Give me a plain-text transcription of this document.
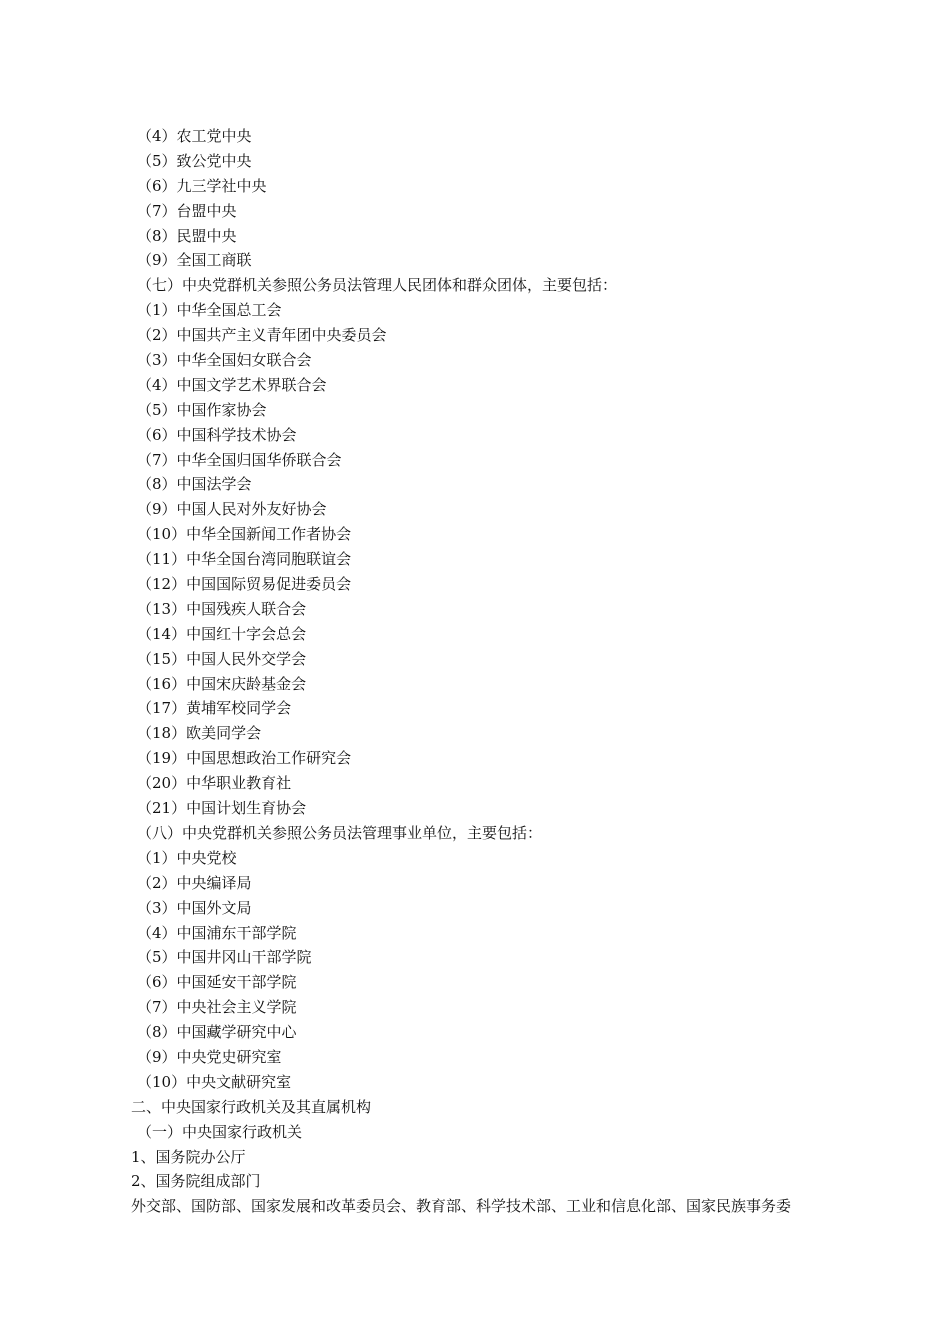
（4）农工党中央
（5）致公党中央
（6）九三学社中央
（7）台盟中央
（8）民盟中央
（9）全国工商联
（七）中央党群机关参照公务员法管理人民团体和群众团体，主要包括：
（1）中华全国总工会
（2）中国共产主义青年团中央委员会
（3）中华全国妇女联合会
（4）中国文学艺术界联合会
（5）中国作家协会
（6）中国科学技术协会
（7）中华全国归国华侨联合会
（8）中国法学会
（9）中国人民对外友好协会
（10）中华全国新闻工作者协会
（11）中华全国台湾同胞联谊会
（12）中国国际贸易促进委员会
（13）中国残疾人联合会
（14）中国红十字会总会
（15）中国人民外交学会
（16）中国宋庆龄基金会
（17）黄埔军校同学会
（18）欧美同学会
（19）中国思想政治工作研究会
（20）中华职业教育社
（21）中国计划生育协会
（八）中央党群机关参照公务员法管理事业单位，主要包括：
（1）中央党校
（2）中央编译局
（3）中国外文局
（4）中国浦东干部学院
（5）中国井冈山干部学院
（6）中国延安干部学院
（7）中央社会主义学院
（8）中国藏学研究中心
（9）中央党史研究室
（10）中央文献研究室
二、中央国家行政机关及其直属机构
（一）中央国家行政机关
1、国务院办公厅
2、国务院组成部门
外交部、国防部、国家发展和改革委员会、教育部、科学技术部、工业和信息化部、国家民族事务委
